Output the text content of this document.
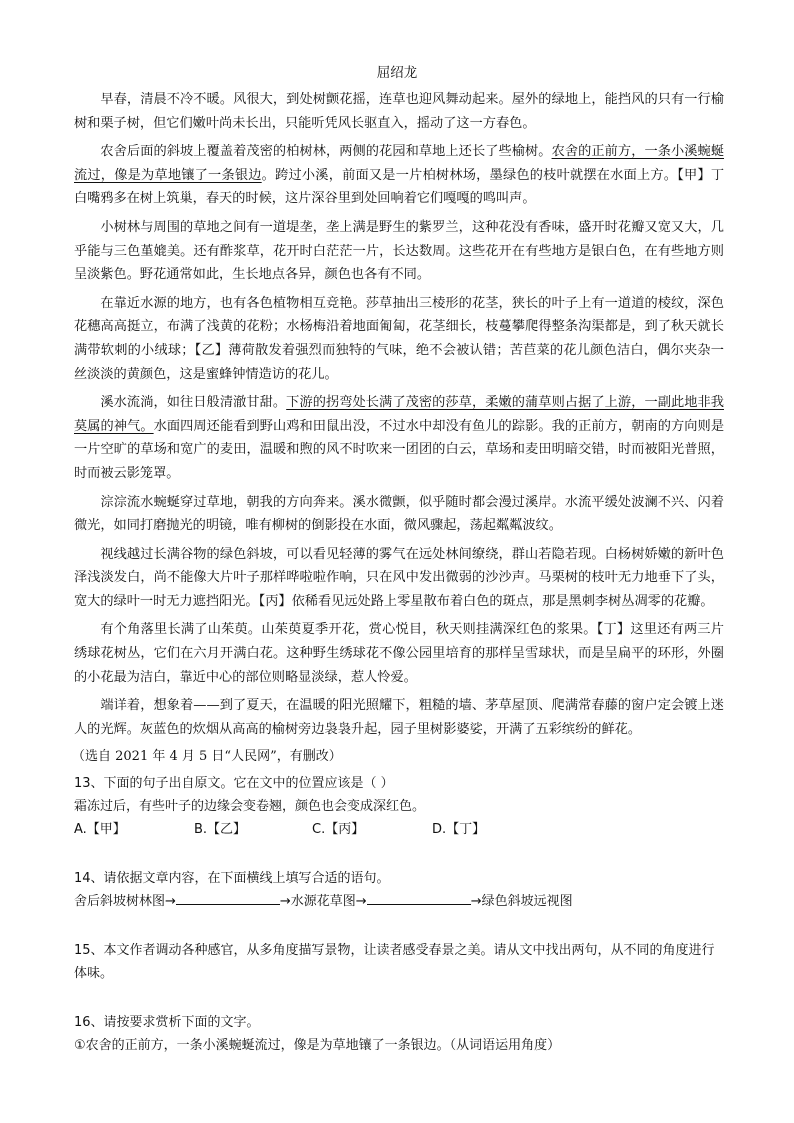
屈绍龙

早春，清晨不冷不暖。风很大，到处树颤花摇，连草也迎风舞动起来。屋外的绿地上，能挡风的只有一行榆树和栗子树，但它们嫩叶尚未长出，只能听凭风长驱直入，摇动了这一方春色。

农舍后面的斜坡上覆盖着茂密的柏树林，两侧的花园和草地上还长了些榆树。农舍的正前方，一条小溪蜿蜒流过，像是为草地镶了一条银边。跨过小溪，前面又是一片柏树林场，墨绿色的枝叶就摆在水面上方。【甲】丁白嘴鸦多在树上筑巢，春天的时候，这片深谷里到处回响着它们嘎嘎的鸣叫声。

小树林与周围的草地之间有一道堤垄，垄上满是野生的紫罗兰，这种花没有香味，盛开时花瓣又宽又大，几乎能与三色堇媲美。还有酢浆草，花开时白茫茫一片，长达数周。这些花开在有些地方是银白色，在有些地方则呈淡紫色。野花通常如此，生长地点各异，颜色也各有不同。

在靠近水源的地方，也有各色植物相互竞艳。莎草抽出三棱形的花茎，狭长的叶子上有一道道的棱纹，深色花穗高高挺立，布满了浅黄的花粉；水杨梅沿着地面匍匐，花茎细长，枝蔓攀爬得整条沟渠都是，到了秋天就长满带软刺的小绒球；【乙】薄荷散发着强烈而独特的气味，绝不会被认错；苦苣菜的花儿颜色洁白，偶尔夹杂一丝淡淡的黄颜色，这是蜜蜂钟情造访的花儿。

溪水流淌，如往日般清澈甘甜。下游的拐弯处长满了茂密的莎草，柔嫩的蒲草则占据了上游，一副此地非我莫属的神气。水面四周还能看到野山鸡和田鼠出没，不过水中却没有鱼儿的踪影。我的正前方，朝南的方向则是一片空旷的草场和宽广的麦田，温暖和煦的风不时吹来一团团的白云，草场和麦田明暗交错，时而被阳光普照，时而被云影笼罩。

淙淙流水蜿蜒穿过草地，朝我的方向奔来。溪水微颤，似乎随时都会漫过溪岸。水流平缓处波澜不兴、闪着微光，如同打磨抛光的明镜，唯有柳树的倒影投在水面，微风骤起，荡起粼粼波纹。

视线越过长满谷物的绿色斜坡，可以看见轻薄的雾气在远处林间缭绕，群山若隐若现。白杨树娇嫩的新叶色泽浅淡发白，尚不能像大片叶子那样哗啦啦作响，只在风中发出微弱的沙沙声。马栗树的枝叶无力地垂下了头，宽大的绿叶一时无力遮挡阳光。【丙】依稀看见远处路上零星散布着白色的斑点，那是黑刺李树丛凋零的花瓣。

有个角落里长满了山茱萸。山茱萸夏季开花，赏心悦目，秋天则挂满深红色的浆果。【丁】这里还有两三片绣球花树丛，它们在六月开满白花。这种野生绣球花不像公园里培育的那样呈雪球状，而是呈扁平的环形，外圈的小花最为洁白，靠近中心的部位则略显淡绿，惹人怜爱。

端详着，想象着——到了夏天，在温暖的阳光照耀下，粗糙的墙、茅草屋顶、爬满常春藤的窗户定会镀上迷人的光辉。灰蓝色的炊烟从高高的榆树旁边袅袅升起，园子里树影婆娑，开满了五彩缤纷的鲜花。

（选自 2021 年 4 月 5 日“人民网”，有删改）

13、下面的句子出自原文。它在文中的位置应该是（ ）

霜冻过后，有些叶子的边缘会变卷翘，颜色也会变成深红色。

A.【甲】	B.【乙】	C.【丙】	D.【丁】

14、请依据文章内容，在下面横线上填写合适的语句。

舍后斜坡树林图→	→水源花草图→	→绿色斜坡远视图

15、本文作者调动各种感官，从多角度描写景物，让读者感受春景之美。请从文中找出两句，从不同的角度进行体味。

16、请按要求赏析下面的文字。

①农舍的正前方，一条小溪蜿蜒流过，像是为草地镶了一条银边。（从词语运用角度）
